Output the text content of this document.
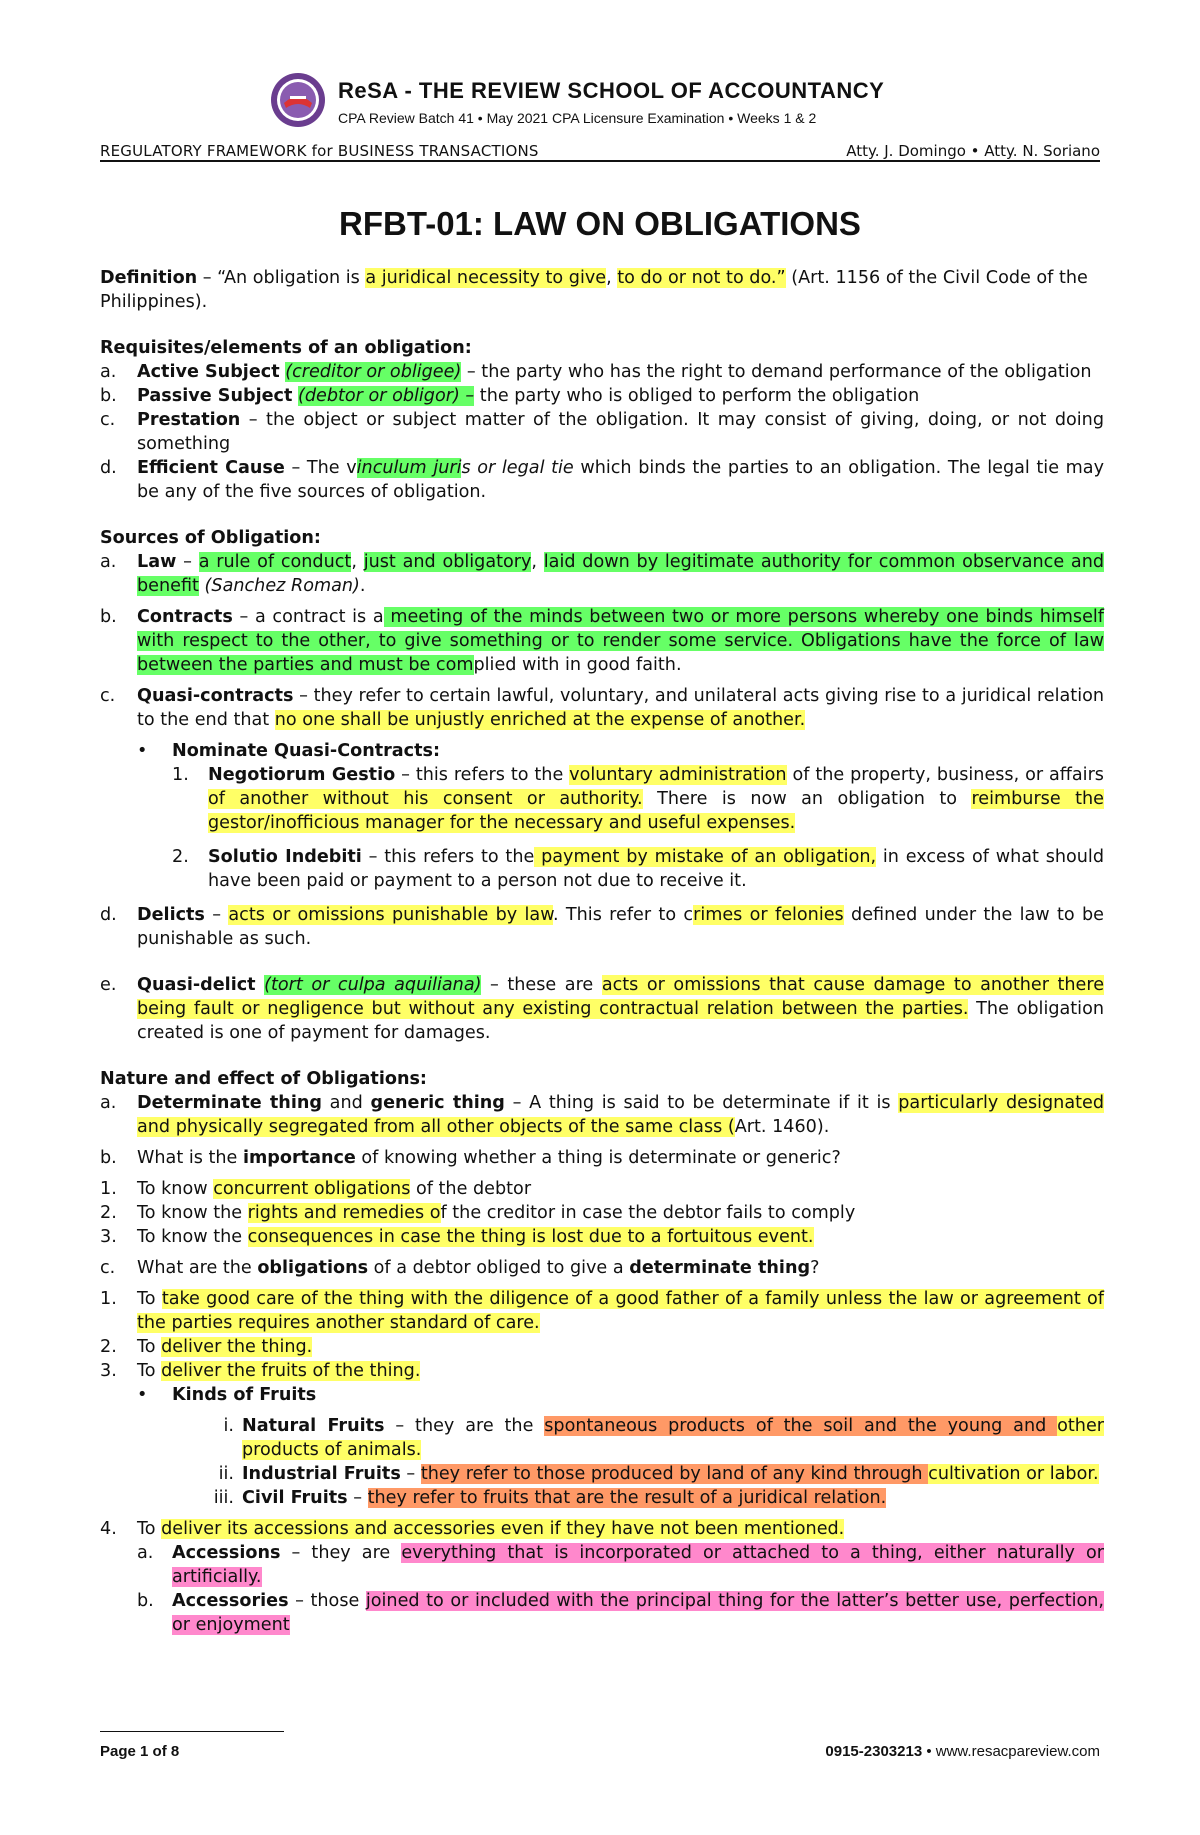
ReSA - THE REVIEW SCHOOL OF ACCOUNTANCY
CPA Review Batch 41 • May 2021 CPA Licensure Examination • Weeks 1 & 2
REGULATORY FRAMEWORK for BUSINESS TRANSACTIONS	Atty. J. Domingo • Atty. N. Soriano
RFBT-01: LAW ON OBLIGATIONS

Definition – “An obligation is a juridical necessity to give, to do or not to do.” (Art. 1156 of the Civil Code of the Philippines).

Requisites/elements of an obligation:

a. Active Subject (creditor or obligee) – the party who has the right to demand performance of the obligation

b. Passive Subject (debtor or obligor) – the party who is obliged to perform the obligation

c. Prestation – the object or subject matter of the obligation. It may consist of giving, doing, or not doing something

d. Efficient Cause – The vinculum juris or legal tie which binds the parties to an obligation. The legal tie may be any of the five sources of obligation.

Sources of Obligation:

a. Law – a rule of conduct, just and obligatory, laid down by legitimate authority for common observance and benefit (Sanchez Roman).

b. Contracts – a contract is a meeting of the minds between two or more persons whereby one binds himself with respect to the other, to give something or to render some service. Obligations have the force of law between the parties and must be complied with in good faith.

c. Quasi-contracts – they refer to certain lawful, voluntary, and unilateral acts giving rise to a juridical relation to the end that no one shall be unjustly enriched at the expense of another.

• Nominate Quasi-Contracts:

1. Negotiorum Gestio – this refers to the voluntary administration of the property, business, or affairs of another without his consent or authority. There is now an obligation to reimburse the gestor/inofficious manager for the necessary and useful expenses.

2. Solutio Indebiti – this refers to the payment by mistake of an obligation, in excess of what should have been paid or payment to a person not due to receive it.

d. Delicts – acts or omissions punishable by law. This refer to crimes or felonies defined under the law to be punishable as such.

e. Quasi-delict (tort or culpa aquiliana) – these are acts or omissions that cause damage to another there being fault or negligence but without any existing contractual relation between the parties. The obligation created is one of payment for damages.

Nature and effect of Obligations:

a. Determinate thing and generic thing – A thing is said to be determinate if it is particularly designated and physically segregated from all other objects of the same class (Art. 1460).

b. What is the importance of knowing whether a thing is determinate or generic?

1. To know concurrent obligations of the debtor

2. To know the rights and remedies of the creditor in case the debtor fails to comply

3. To know the consequences in case the thing is lost due to a fortuitous event.

c. What are the obligations of a debtor obliged to give a determinate thing?

1. To take good care of the thing with the diligence of a good father of a family unless the law or agreement of the parties requires another standard of care.

2. To deliver the thing.

3. To deliver the fruits of the thing.

• Kinds of Fruits

i. Natural Fruits – they are the spontaneous products of the soil and the young and other products of animals.

ii. Industrial Fruits – they refer to those produced by land of any kind through cultivation or labor.

iii. Civil Fruits – they refer to fruits that are the result of a juridical relation.

4. To deliver its accessions and accessories even if they have not been mentioned.

a. Accessions – they are everything that is incorporated or attached to a thing, either naturally or artificially.

b. Accessories – those joined to or included with the principal thing for the latter’s better use, perfection, or enjoyment

Page 1 of 8	0915-2303213 • www.resacpareview.com
